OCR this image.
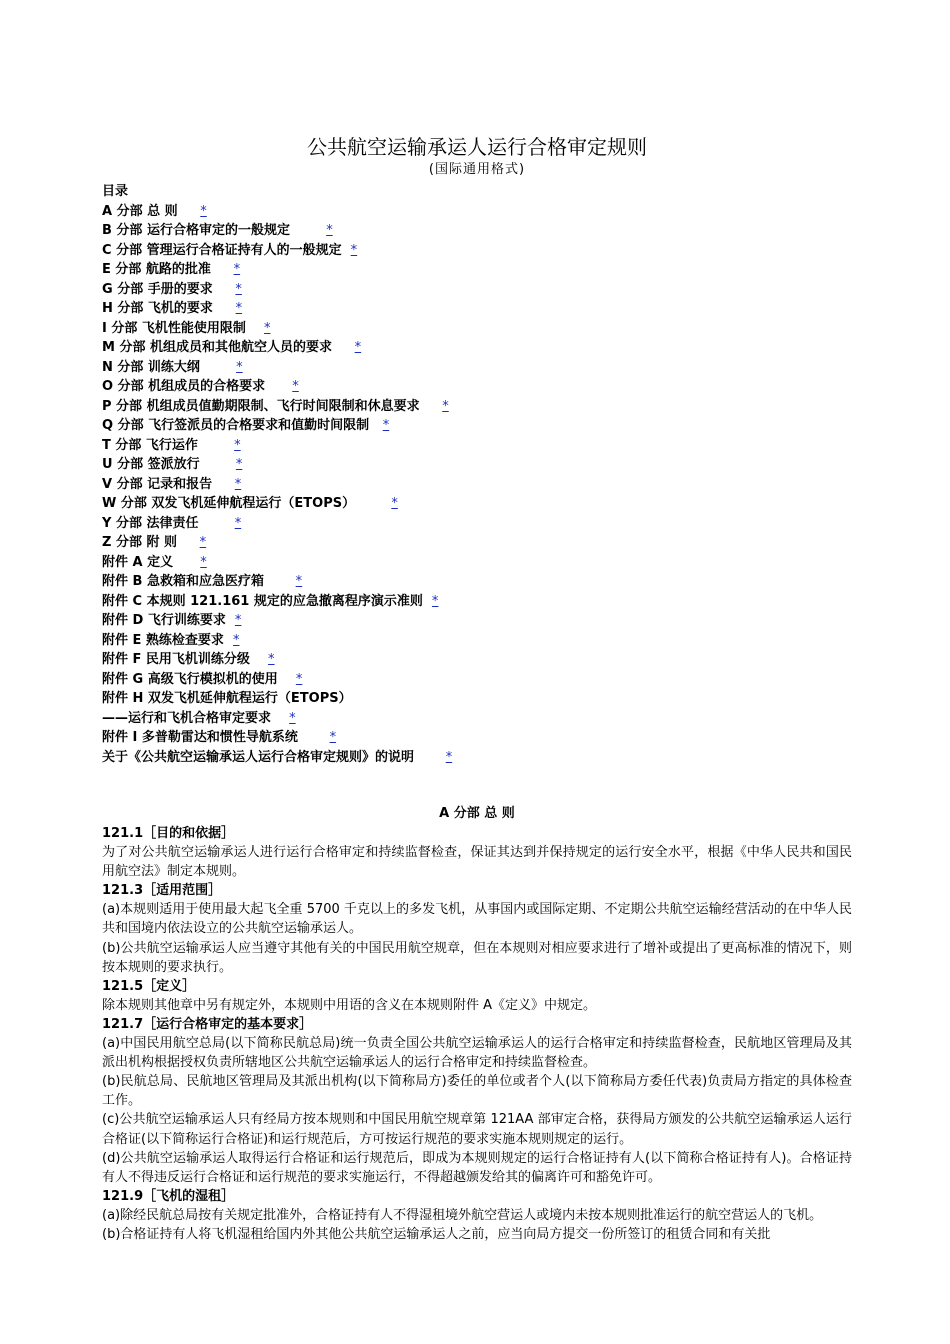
公共航空运输承运人运行合格审定规则
(国际通用格式)
目录
A 分部 总 则 *
B 分部 运行合格审定的一般规定	*
C 分部 管理运行合格证持有人的一般规定 *
E 分部 航路的批准 *
G 分部 手册的要求 *
H 分部 飞机的要求 *
I 分部 飞机性能使用限制 *
M 分部 机组成员和其他航空人员的要求 *
N 分部 训练大纲	*
O 分部 机组成员的合格要求 *
P 分部 机组成员值勤期限制、飞行时间限制和休息要求 *
Q 分部 飞行签派员的合格要求和值勤时间限制 *
T 分部 飞行运作	*
U 分部 签派放行	*
V 分部 记录和报告 *
W 分部 双发飞机延伸航程运行（ETOPS）	*
Y 分部 法律责任	*
Z 分部 附 则 *
附件 A 定义 *
附件 B 急救箱和应急医疗箱 *
附件 C 本规则 121.161 规定的应急撤离程序演示准则 *
附件 D 飞行训练要求 *
附件 E 熟练检查要求 *
附件 F 民用飞机训练分级 *
附件 G 高级飞行模拟机的使用 *
附件 H 双发飞机延伸航程运行（ETOPS）
——运行和飞机合格审定要求 *
附件 I 多普勒雷达和惯性导航系统 *
关于《公共航空运输承运人运行合格审定规则》的说明 *
A 分部 总 则

121.1［目的和依据］

为了对公共航空运输承运人进行运行合格审定和持续监督检查，保证其达到并保持规定的运行安全水平，根据《中华人民共和国民用航空法》制定本规则。

121.3［适用范围］

(a)本规则适用于使用最大起飞全重 5700 千克以上的多发飞机，从事国内或国际定期、不定期公共航空运输经营活动的在中华人民共和国境内依法设立的公共航空运输承运人。

(b)公共航空运输承运人应当遵守其他有关的中国民用航空规章，但在本规则对相应要求进行了增补或提出了更高标准的情况下，则按本规则的要求执行。

121.5［定义］

除本规则其他章中另有规定外，本规则中用语的含义在本规则附件 A《定义》中规定。

121.7［运行合格审定的基本要求］

(a)中国民用航空总局(以下简称民航总局)统一负责全国公共航空运输承运人的运行合格审定和持续监督检查，民航地区管理局及其派出机构根据授权负责所辖地区公共航空运输承运人的运行合格审定和持续监督检查。

(b)民航总局、民航地区管理局及其派出机构(以下简称局方)委任的单位或者个人(以下简称局方委任代表)负责局方指定的具体检查工作。

(c)公共航空运输承运人只有经局方按本规则和中国民用航空规章第 121AA 部审定合格，获得局方颁发的公共航空运输承运人运行合格证(以下简称运行合格证)和运行规范后，方可按运行规范的要求实施本规则规定的运行。

(d)公共航空运输承运人取得运行合格证和运行规范后，即成为本规则规定的运行合格证持有人(以下简称合格证持有人)。合格证持有人不得违反运行合格证和运行规范的要求实施运行，不得超越颁发给其的偏离许可和豁免许可。

121.9［飞机的湿租］

(a)除经民航总局按有关规定批准外，合格证持有人不得湿租境外航空营运人或境内未按本规则批准运行的航空营运人的飞机。

(b)合格证持有人将飞机湿租给国内外其他公共航空运输承运人之前，应当向局方提交一份所签订的租赁合同和有关批
